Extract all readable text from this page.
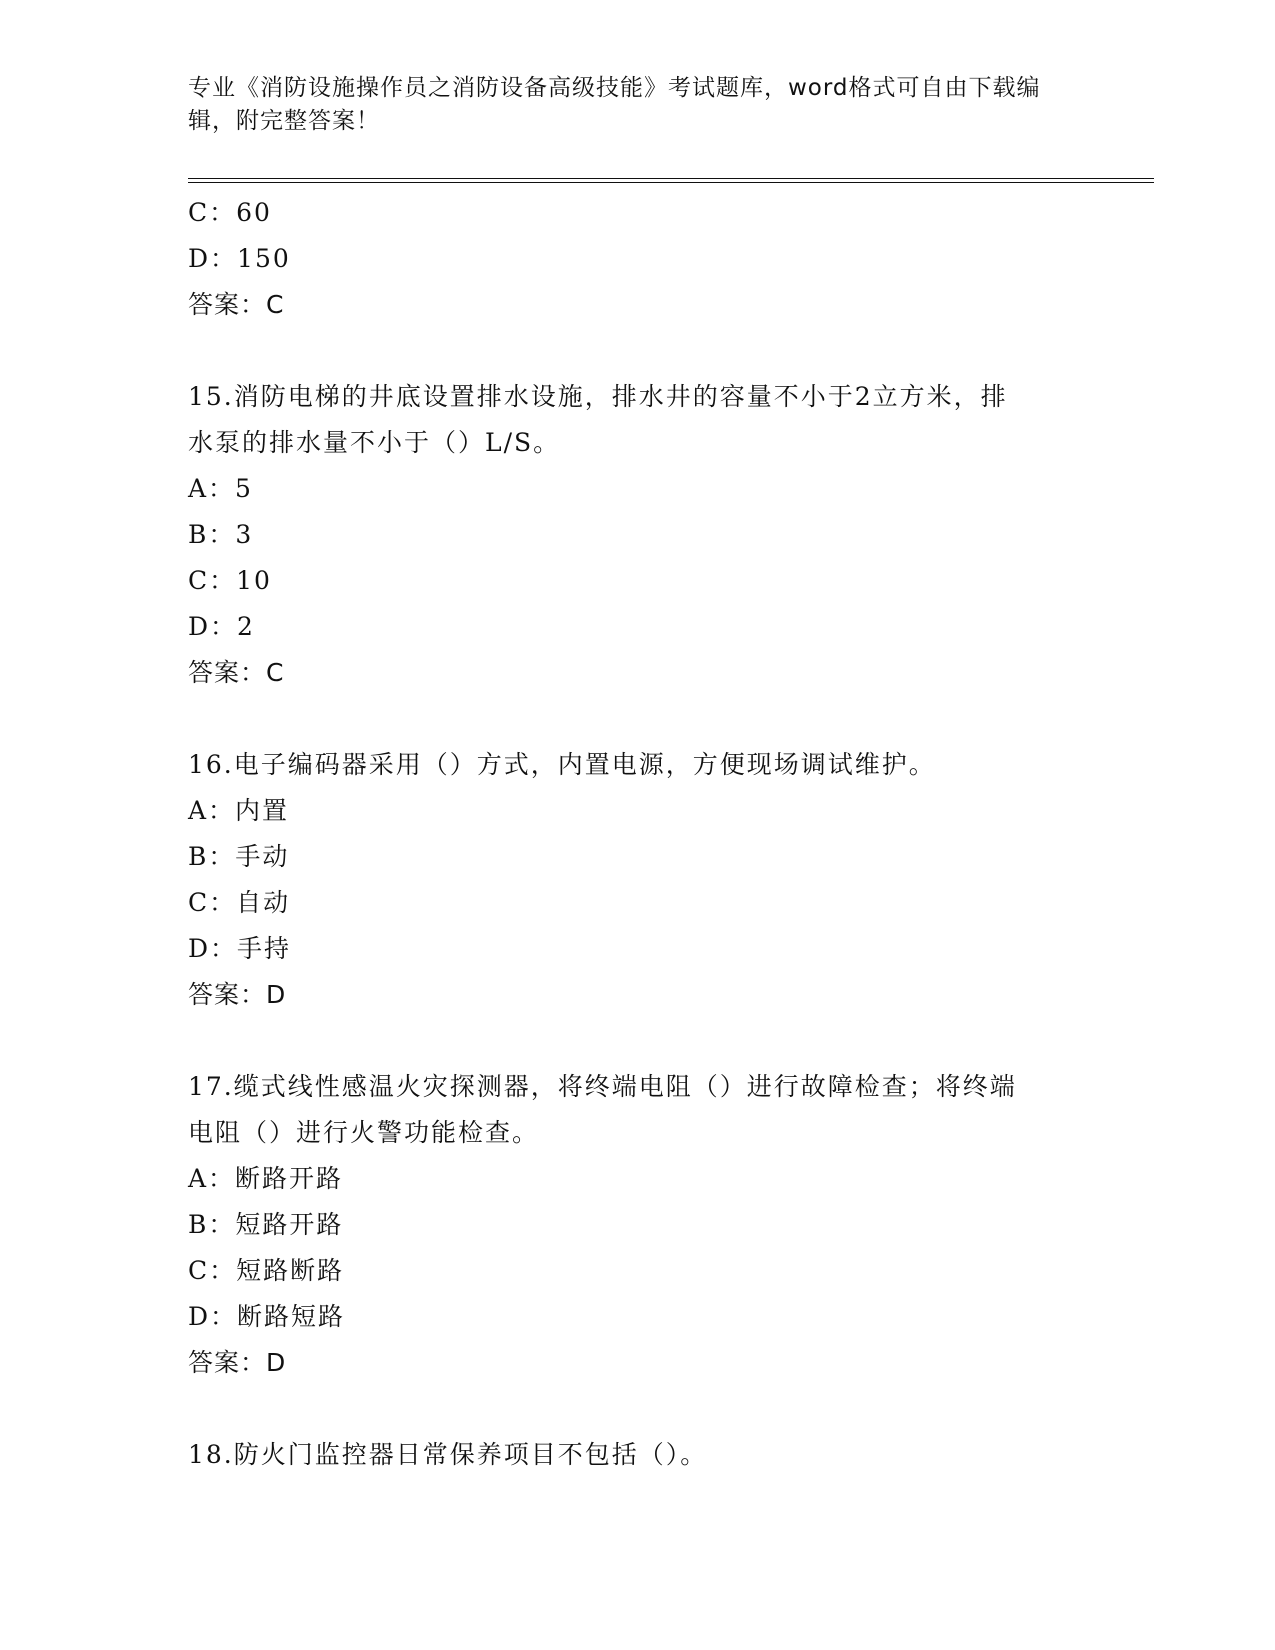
专业《消防设施操作员之消防设备高级技能》考试题库，word格式可自由下载编
辑，附完整答案！
C：60
D：150
答案：C
15.消防电梯的井底设置排水设施，排水井的容量不小于2立方米，排
水泵的排水量不小于（）L/S。
A：5
B：3
C：10
D：2
答案：C
16.电子编码器采用（）方式，内置电源，方便现场调试维护。
A：内置
B：手动
C：自动
D：手持
答案：D
17.缆式线性感温火灾探测器，将终端电阻（）进行故障检查；将终端
电阻（）进行火警功能检查。
A：断路开路
B：短路开路
C：短路断路
D：断路短路
答案：D
18.防火门监控器日常保养项目不包括（）。
